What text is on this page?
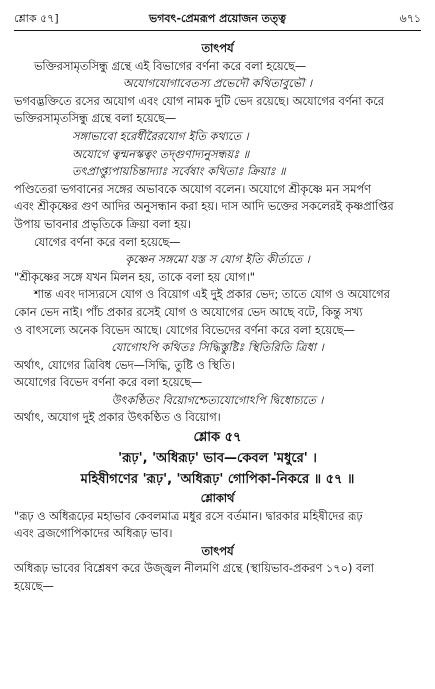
শ্লোক ৫৭]	ভগবৎ-প্রেমরূপ প্রয়োজন তত্ত্ব	৬৭১

তাৎপর্য

ভক্তিরসামৃতসিন্ধু গ্রন্থে এই বিভাগের বর্ণনা করে বলা হয়েছে—

অযোগযোগাবেতস্য প্রভেদৌ কথিতাবুভৌ ।

ভগবদ্ভক্তিতে রসের অযোগ এবং যোগ নামক দুটি ভেদ রয়েছে। অযোগের বর্ণনা করে

ভক্তিরসামৃতসিন্ধু গ্রন্থে বলা হয়েছে—

সঙ্গাভাবো হরের্ধীরৈরযোগ ইতি কথ্যতে ।

অযোগে ত্বন্মনস্কত্বং তদ্গুণাদ্যনুসন্ধয়ঃ ॥

তৎপ্রাপ্ত্যুপায়চিন্তাদ্যাঃ সর্বেষাং কথিতাঃ ক্রিয়াঃ ॥

পণ্ডিতেরা ভগবানের সঙ্গের অভাবকে অযোগ বলেন। অযোগে শ্রীকৃষ্ণে মন সমর্পণ

এবং শ্রীকৃষ্ণের গুণ আদির অনুসন্ধান করা হয়। দাস আদি ভক্তের সকলেরই কৃষ্ণপ্রাপ্তির

উপায় ভাবনার প্রভৃতিকে ক্রিয়া বলা হয়।

যোগের বর্ণনা করে বলা হয়েছে—

কৃষ্ণেন সঙ্গমো যস্ত স যোগ ইতি কীর্ত্যতে ।

"শ্রীকৃষ্ণের সঙ্গে যখন মিলন হয়, তাকে বলা হয় যোগ।"

শান্ত এবং দাস্যরসে যোগ ও বিয়োগ এই দুই প্রকার ভেদ; তাতে যোগ ও অযোগের

কোন ভেদ নাই। পাঁচ প্রকার রসেই যোগ ও অযোগের ভেদ আছে বটে, কিন্তু সখ্য

ও বাৎসল্যে অনেক বিভেদ আছে। যোগের বিভেদের বর্ণনা করে বলা হয়েছে—

যোগোঽপি কথিতঃ সিদ্ধিস্তুষ্টিঃ স্থিতিরিতি ত্রিধা ।

অর্থাৎ, যোগের ত্রিবিধ ভেদ—সিদ্ধি, তুষ্টি ও স্থিতি।

অযোগের বিভেদ বর্ণনা করে বলা হয়েছে—

উৎকণ্ঠিতং বিয়োগশ্চেত্যযোগোঽপি দ্বিধোচ্যতে ।

অর্থাৎ, অযোগ দুই প্রকার উৎকণ্ঠিত ও বিয়োগ।

শ্লোক ৫৭

'রূঢ়', 'অধিরূঢ়' ভাব—কেবল 'মধুরে' ।

মহিষীগণের 'রূঢ়', 'অধিরূঢ়' গোপিকা-নিকরে ॥ ৫৭ ॥

শ্লোকার্থ

"রূঢ় ও অধিরূঢ়ের মহাভাব কেবলমাত্র মধুর রসে বর্তমান। দ্বারকার মহিষীদের রূঢ়

এবং ব্রজগোপিকাদের অধিরূঢ় ভাব।

তাৎপর্য

অধিরূঢ় ভাবের বিশ্লেষণ করে উজ্জ্বল নীলমণি গ্রন্থে (স্থায়িভাব-প্রকরণ ১৭০) বলা

হয়েছে—
